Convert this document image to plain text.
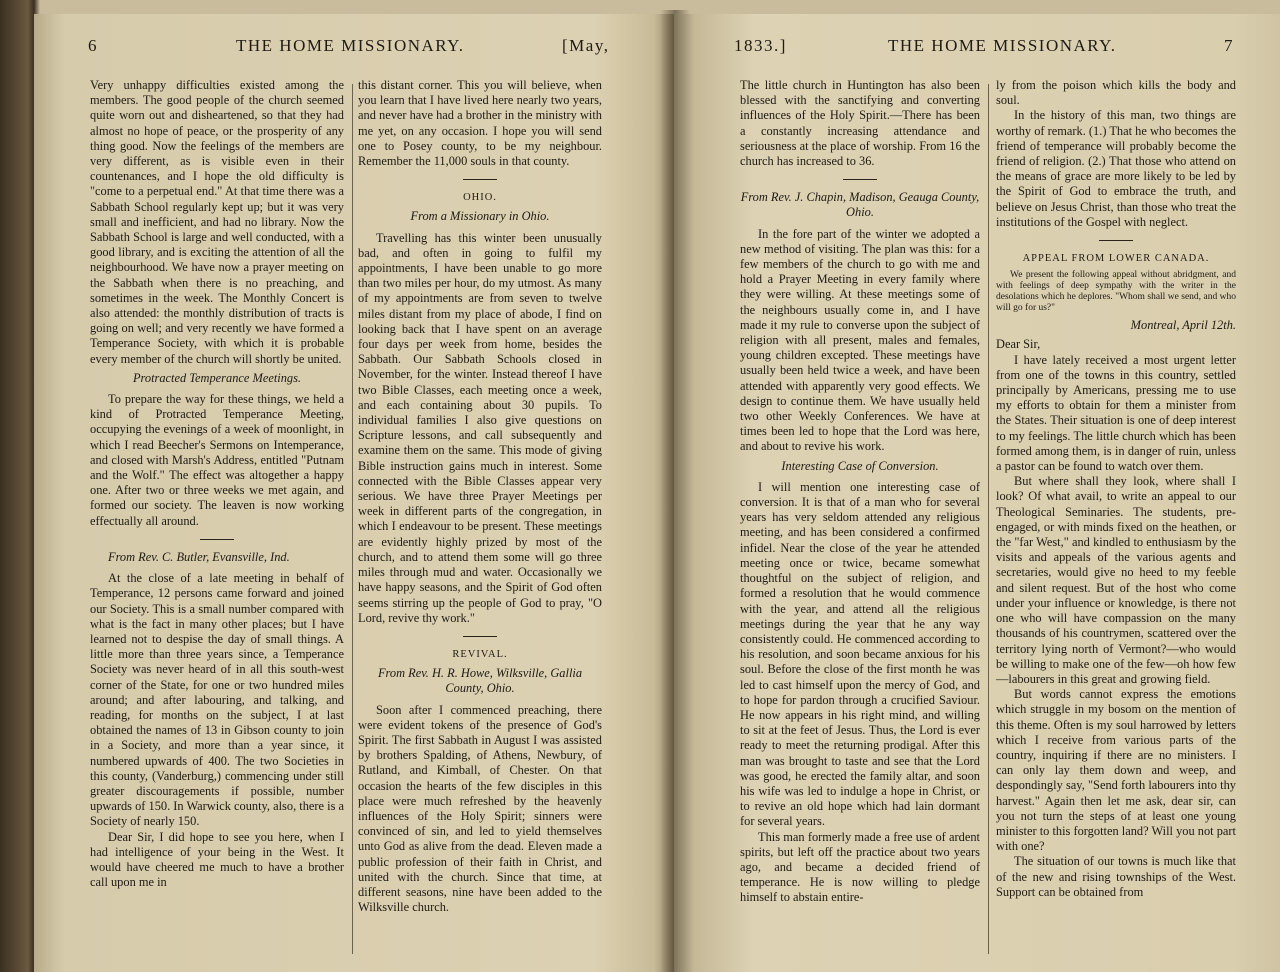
6	THE HOME MISSIONARY.	[May,

Very unhappy difficulties existed among the members. The good people of the church seemed quite worn out and disheartened, so that they had almost no hope of peace, or the prosperity of any thing good. Now the feelings of the members are very different, as is visible even in their countenances, and I hope the old difficulty is "come to a perpetual end." At that time there was a Sabbath School regularly kept up; but it was very small and inefficient, and had no library. Now the Sabbath School is large and well conducted, with a good library, and is exciting the attention of all the neighbourhood. We have now a prayer meeting on the Sabbath when there is no preaching, and sometimes in the week. The Monthly Concert is also attended: the monthly distribution of tracts is going on well; and very recently we have formed a Temperance Society, with which it is probable every member of the church will shortly be united.

Protracted Temperance Meetings.

To prepare the way for these things, we held a kind of Protracted Temperance Meeting, occupying the evenings of a week of moonlight, in which I read Beecher's Sermons on Intemperance, and closed with Marsh's Address, entitled "Putnam and the Wolf." The effect was altogether a happy one. After two or three weeks we met again, and formed our society. The leaven is now working effectually all around.

From Rev. C. Butler, Evansville, Ind.

At the close of a late meeting in behalf of Temperance, 12 persons came forward and joined our Society. This is a small number compared with what is the fact in many other places; but I have learned not to despise the day of small things. A little more than three years since, a Temperance Society was never heard of in all this south-west corner of the State, for one or two hundred miles around; and after labouring, and talking, and reading, for months on the subject, I at last obtained the names of 13 in Gibson county to join in a Society, and more than a year since, it numbered upwards of 400. The two Societies in this county, (Vanderburg,) commencing under still greater discouragements if possible, number upwards of 150. In Warwick county, also, there is a Society of nearly 150.

Dear Sir, I did hope to see you here, when I had intelligence of your being in the West. It would have cheered me much to have a brother call upon me in

this distant corner. This you will believe, when you learn that I have lived here nearly two years, and never have had a brother in the ministry with me yet, on any occasion. I hope you will send one to Posey county, to be my neighbour. Remember the 11,000 souls in that county.

OHIO.

From a Missionary in Ohio.

Travelling has this winter been unusually bad, and often in going to fulfil my appointments, I have been unable to go more than two miles per hour, do my utmost. As many of my appointments are from seven to twelve miles distant from my place of abode, I find on looking back that I have spent on an average four days per week from home, besides the Sabbath. Our Sabbath Schools closed in November, for the winter. Instead thereof I have two Bible Classes, each meeting once a week, and each containing about 30 pupils. To individual families I also give questions on Scripture lessons, and call subsequently and examine them on the same. This mode of giving Bible instruction gains much in interest. Some connected with the Bible Classes appear very serious. We have three Prayer Meetings per week in different parts of the congregation, in which I endeavour to be present. These meetings are evidently highly prized by most of the church, and to attend them some will go three miles through mud and water. Occasionally we have happy seasons, and the Spirit of God often seems stirring up the people of God to pray, "O Lord, revive thy work."

REVIVAL.

From Rev. H. R. Howe, Wilksville, Gallia County, Ohio.

Soon after I commenced preaching, there were evident tokens of the presence of God's Spirit. The first Sabbath in August I was assisted by brothers Spalding, of Athens, Newbury, of Rutland, and Kimball, of Chester. On that occasion the hearts of the few disciples in this place were much refreshed by the heavenly influences of the Holy Spirit; sinners were convinced of sin, and led to yield themselves unto God as alive from the dead. Eleven made a public profession of their faith in Christ, and united with the church. Since that time, at different seasons, nine have been added to the Wilksville church.

1833.]	THE HOME MISSIONARY.	7

The little church in Huntington has also been blessed with the sanctifying and converting influences of the Holy Spirit.—There has been a constantly increasing attendance and seriousness at the place of worship. From 16 the church has increased to 36.

From Rev. J. Chapin, Madison, Geauga County, Ohio.

In the fore part of the winter we adopted a new method of visiting. The plan was this: for a few members of the church to go with me and hold a Prayer Meeting in every family where they were willing. At these meetings some of the neighbours usually come in, and I have made it my rule to converse upon the subject of religion with all present, males and females, young children excepted. These meetings have usually been held twice a week, and have been attended with apparently very good effects. We design to continue them. We have usually held two other Weekly Conferences. We have at times been led to hope that the Lord was here, and about to revive his work.

Interesting Case of Conversion.

I will mention one interesting case of conversion. It is that of a man who for several years has very seldom attended any religious meeting, and has been considered a confirmed infidel. Near the close of the year he attended meeting once or twice, became somewhat thoughtful on the subject of religion, and formed a resolution that he would commence with the year, and attend all the religious meetings during the year that he any way consistently could. He commenced according to his resolution, and soon became anxious for his soul. Before the close of the first month he was led to cast himself upon the mercy of God, and to hope for pardon through a crucified Saviour. He now appears in his right mind, and willing to sit at the feet of Jesus. Thus, the Lord is ever ready to meet the returning prodigal. After this man was brought to taste and see that the Lord was good, he erected the family altar, and soon his wife was led to indulge a hope in Christ, or to revive an old hope which had lain dormant for several years.

This man formerly made a free use of ardent spirits, but left off the practice about two years ago, and became a decided friend of temperance. He is now willing to pledge himself to abstain entire-

ly from the poison which kills the body and soul.

In the history of this man, two things are worthy of remark. (1.) That he who becomes the friend of temperance will probably become the friend of religion. (2.) That those who attend on the means of grace are more likely to be led by the Spirit of God to embrace the truth, and believe on Jesus Christ, than those who treat the institutions of the Gospel with neglect.

APPEAL FROM LOWER CANADA.

We present the following appeal without abridgment, and with feelings of deep sympathy with the writer in the desolations which he deplores. "Whom shall we send, and who will go for us?"

Montreal, April 12th.

Dear Sir,

I have lately received a most urgent letter from one of the towns in this country, settled principally by Americans, pressing me to use my efforts to obtain for them a minister from the States. Their situation is one of deep interest to my feelings. The little church which has been formed among them, is in danger of ruin, unless a pastor can be found to watch over them.

But where shall they look, where shall I look? Of what avail, to write an appeal to our Theological Seminaries. The students, pre-engaged, or with minds fixed on the heathen, or the "far West," and kindled to enthusiasm by the visits and appeals of the various agents and secretaries, would give no heed to my feeble and silent request. But of the host who come under your influence or knowledge, is there not one who will have compassion on the many thousands of his countrymen, scattered over the territory lying north of Vermont?—who would be willing to make one of the few—oh how few—labourers in this great and growing field.

But words cannot express the emotions which struggle in my bosom on the mention of this theme. Often is my soul harrowed by letters which I receive from various parts of the country, inquiring if there are no ministers. I can only lay them down and weep, and despondingly say, "Send forth labourers into thy harvest." Again then let me ask, dear sir, can you not turn the steps of at least one young minister to this forgotten land? Will you not part with one?

The situation of our towns is much like that of the new and rising townships of the West. Support can be obtained from
